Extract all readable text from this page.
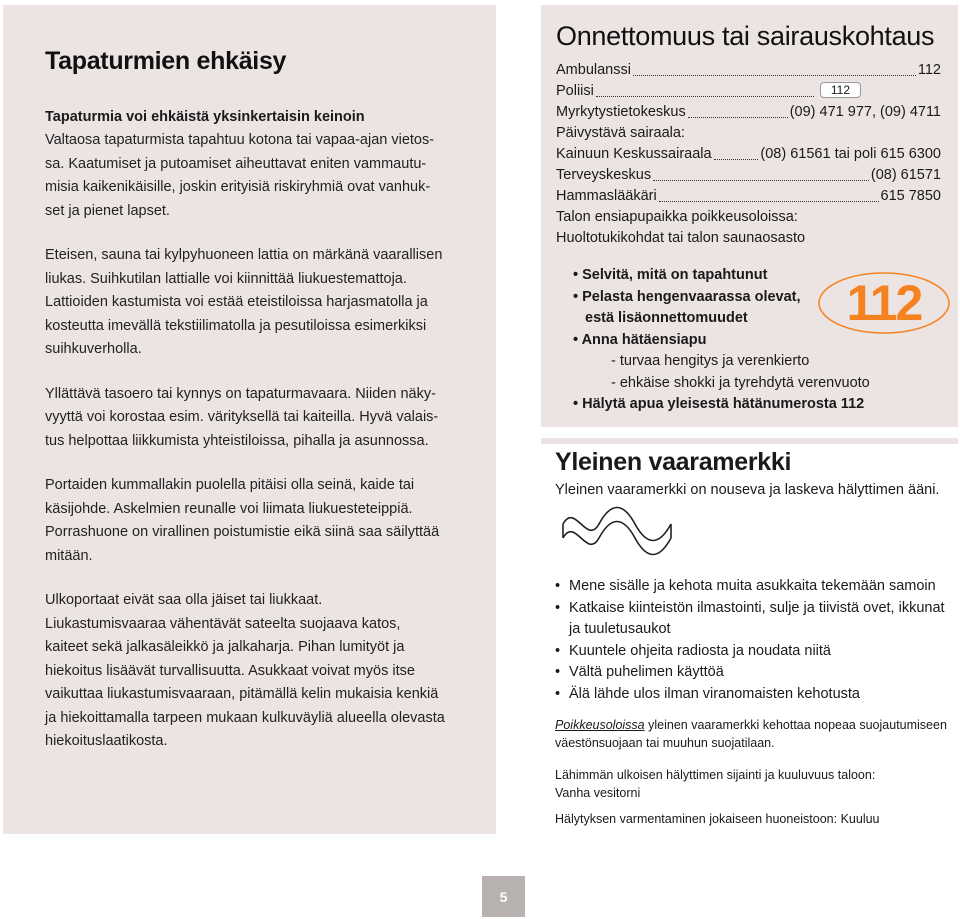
Tapaturmien ehkäisy

Tapaturmia voi ehkäistä yksinkertaisin keinoin

Valtaosa tapaturmista tapahtuu kotona tai vapaa-ajan vietos-sa. Kaatumiset ja putoamiset aiheuttavat eniten vammautu-misia kaikenikäisille, joskin erityisiä riskiryhmiä ovat vanhuk-set ja pienet lapset.

Eteisen, sauna tai kylpyhuoneen lattia on märkänä vaarallisen liukas. Suihkutilan lattialle voi kiinnittää liukuestemattoja. Lattioiden kastumista voi estää eteistiloissa harjasmatolla ja kosteutta imevällä tekstiilimatolla ja pesutiloissa esimerkiksi suihkuverholla.

Yllättävä tasoero tai kynnys on tapaturmavaara. Niiden näky-vyyttä voi korostaa esim. värityksellä tai kaiteilla. Hyvä valais-tus helpottaa liikkumista yhteistiloissa, pihalla ja asunnossa.

Portaiden kummallakin puolella pitäisi olla seinä, kaide tai käsijohde. Askelmien reunalle voi liimata liukuesteteippiä. Porrashuone on virallinen poistumistie eikä siinä saa säilyttää mitään.

Ulkoportaat eivät saa olla jäiset tai liukkaat. Liukastumisvaaraa vähentävät sateelta suojaava katos, kaiteet sekä jalkasäleikkö ja jalkaharja. Pihan lumityöt ja hiekoitus lisäävät turvallisuutta. Asukkaat voivat myös itse vaikuttaa liukastumisvaaraan, pitämällä kelin mukaisia kenkiä ja hiekoittamalla tarpeen mukaan kulkuväyliä alueella olevasta hiekoituslaatikosta.

Onnettomuus tai sairauskohtaus
Ambulanssi	112
Poliisi	112
Myrkytystietokeskus	(09) 471 977, (09) 4711
Päivystävä sairaala:
Kainuun Keskussairaala	(08) 61561 tai poli 615 6300
Terveyskeskus	(08) 61571
Hammaslääkäri	615 7850
Talon ensiapupaikka poikkeusoloissa:
Huoltotukikohdat tai talon saunaosasto
• Selvitä, mitä on tapahtunut
• Pelasta hengenvaarassa olevat,
estä lisäonnettomuudet
• Anna hätäensiapu
- turvaa hengitys ja verenkierto
- ehkäise shokki ja tyrehdytä verenvuoto
• Hälytä apua yleisestä hätänumerosta 112
112
Yleinen vaaramerkki
Yleinen vaaramerkki on nouseva ja laskeva hälyttimen ääni.
• Mene sisälle ja kehota muita asukkaita tekemään samoin
• Katkaise kiinteistön ilmastointi, sulje ja tiivistä ovet, ikkunat ja tuuletusaukot
• Kuuntele ohjeita radiosta ja noudata niitä
• Vältä puhelimen käyttöä
• Älä lähde ulos ilman viranomaisten kehotusta
Poikkeusoloissa yleinen vaaramerkki kehottaa nopeaa suojautumiseen väestönsuojaan tai muuhun suojatilaan.
Lähimmän ulkoisen hälyttimen sijainti ja kuuluvuus taloon:
Vanha vesitorni
Hälytyksen varmentaminen jokaiseen huoneistoon: Kuuluu
5
